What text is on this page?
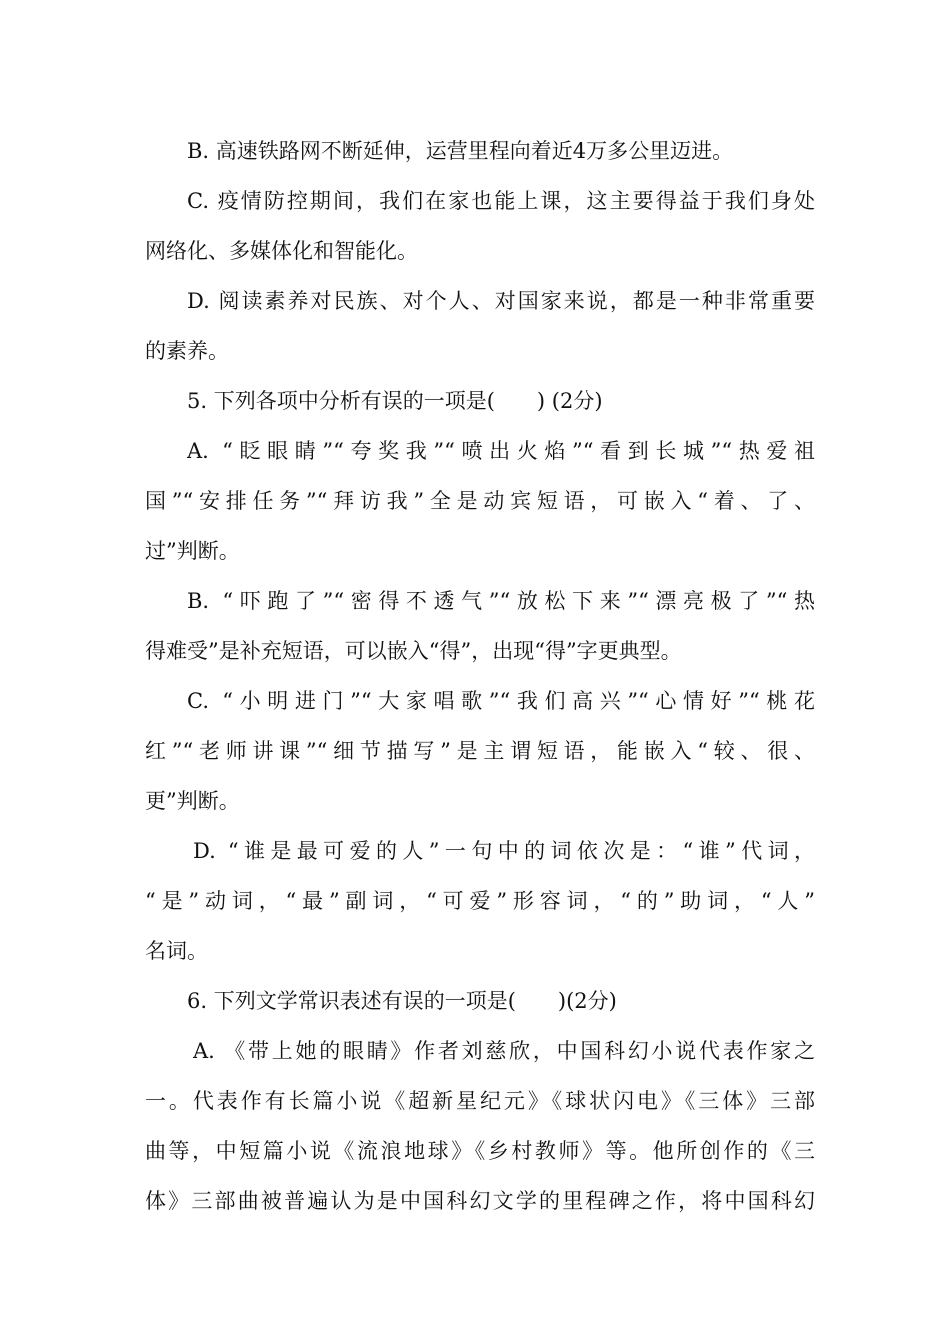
B. 高速铁路网不断延伸，运营里程向着近4万多公里迈进。
C. 疫情防控期间，我们在家也能上课，这主要得益于我们身处
网络化、多媒体化和智能化。
D. 阅读素养对民族、对个人、对国家来说，都是一种非常重要
的素养。
5. 下列各项中分析有误的一项是(　　) (2分)
A. “眨眼睛”“夸奖我”“喷出火焰”“看到长城”“热爱祖
国”“安排任务”“拜访我”全是动宾短语，可嵌入“着、了、
过”判断。
B. “吓跑了”“密得不透气”“放松下来”“漂亮极了”“热
得难受”是补充短语，可以嵌入“得”，出现“得”字更典型。
C. “小明进门”“大家唱歌”“我们高兴”“心情好”“桃花
红”“老师讲课”“细节描写”是主谓短语，能嵌入“较、很、
更”判断。
D. “谁是最可爱的人”一句中的词依次是：“谁”代词，
“是”动词，“最”副词，“可爱”形容词，“的”助词，“人”
名词。
6. 下列文学常识表述有误的一项是(　　)(2分)
A. 《带上她的眼睛》作者刘慈欣，中国科幻小说代表作家之
一。代表作有长篇小说《超新星纪元》《球状闪电》《三体》三部
曲等，中短篇小说《流浪地球》《乡村教师》等。他所创作的《三
体》三部曲被普遍认为是中国科幻文学的里程碑之作，将中国科幻
